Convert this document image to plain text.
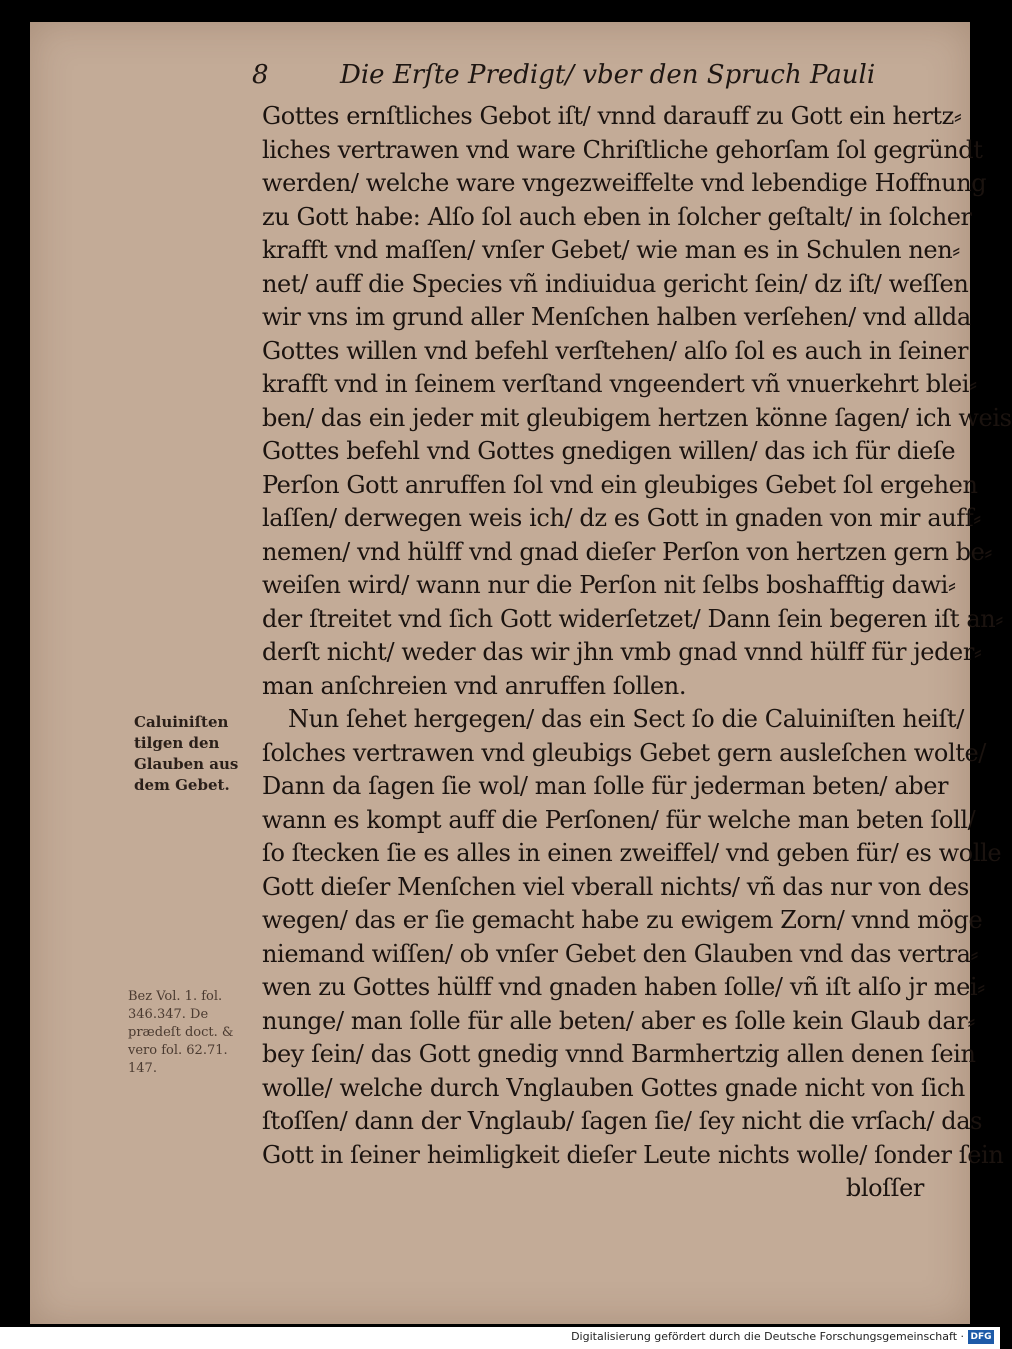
8	Die Erſte Predigt/ vber den Spruch Pauli
Gottes ernſtliches Gebot iſt/ vnnd darauff zu Gott ein hertz⸗
liches vertrawen vnd ware Chriſtliche gehorſam ſol gegründt
werden/ welche ware vngezweiffelte vnd lebendige Hoffnung
zu Gott habe: Alſo ſol auch eben in ſolcher geſtalt/ in ſolcher
krafft vnd maſſen/ vnſer Gebet/ wie man es in Schulen nen⸗
net/ auff die Species vñ indiuidua gericht ſein/ dz iſt/ weſſen
wir vns im grund aller Menſchen halben verſehen/ vnd allda
Gottes willen vnd befehl verſtehen/ alſo ſol es auch in ſeiner
krafft vnd in ſeinem verſtand vngeendert vñ vnuerkehrt blei⸗
ben/ das ein jeder mit gleubigem hertzen könne ſagen/ ich weis
Gottes befehl vnd Gottes gnedigen willen/ das ich für dieſe
Perſon Gott anruffen ſol vnd ein gleubiges Gebet ſol ergehen
laſſen/ derwegen weis ich/ dz es Gott in gnaden von mir auff⸗
nemen/ vnd hülff vnd gnad dieſer Perſon von hertzen gern be⸗
weiſen wird/ wann nur die Perſon nit ſelbs boshafftig dawi⸗
der ſtreitet vnd ſich Gott widerſetzet/ Dann ſein begeren iſt an⸗
derſt nicht/ weder das wir jhn vmb gnad vnnd hülff für jeder⸗
man anſchreien vnd anruffen ſollen.
Nun ſehet hergegen/ das ein Sect ſo die Caluiniſten heiſt/
ſolches vertrawen vnd gleubigs Gebet gern ausleſchen wolte/
Dann da ſagen ſie wol/ man ſolle für jederman beten/ aber
wann es kompt auff die Perſonen/ für welche man beten ſoll/
ſo ſtecken ſie es alles in einen zweiffel/ vnd geben für/ es wolle
Gott dieſer Menſchen viel vberall nichts/ vñ das nur von des
wegen/ das er ſie gemacht habe zu ewigem Zorn/ vnnd möge
niemand wiſſen/ ob vnſer Gebet den Glauben vnd das vertra⸗
wen zu Gottes hülff vnd gnaden haben ſolle/ vñ iſt alſo jr mei⸗
nunge/ man ſolle für alle beten/ aber es ſolle kein Glaub dar⸗
bey ſein/ das Gott gnedig vnnd Barmhertzig allen denen ſein
wolle/ welche durch Vnglauben Gottes gnade nicht von ſich
ſtoſſen/ dann der Vnglaub/ ſagen ſie/ ſey nicht die vrſach/ das
Gott in ſeiner heimligkeit dieſer Leute nichts wolle/ ſonder ſein
bloſſer
Caluiniſten
tilgen den
Glauben aus
dem Gebet.
Bez Vol. 1. fol.
346.347. De
prædeſt doct. &
vero fol. 62.71.
147.
Digitalisierung gefördert durch die Deutsche Forschungsgemeinschaft · DFG
